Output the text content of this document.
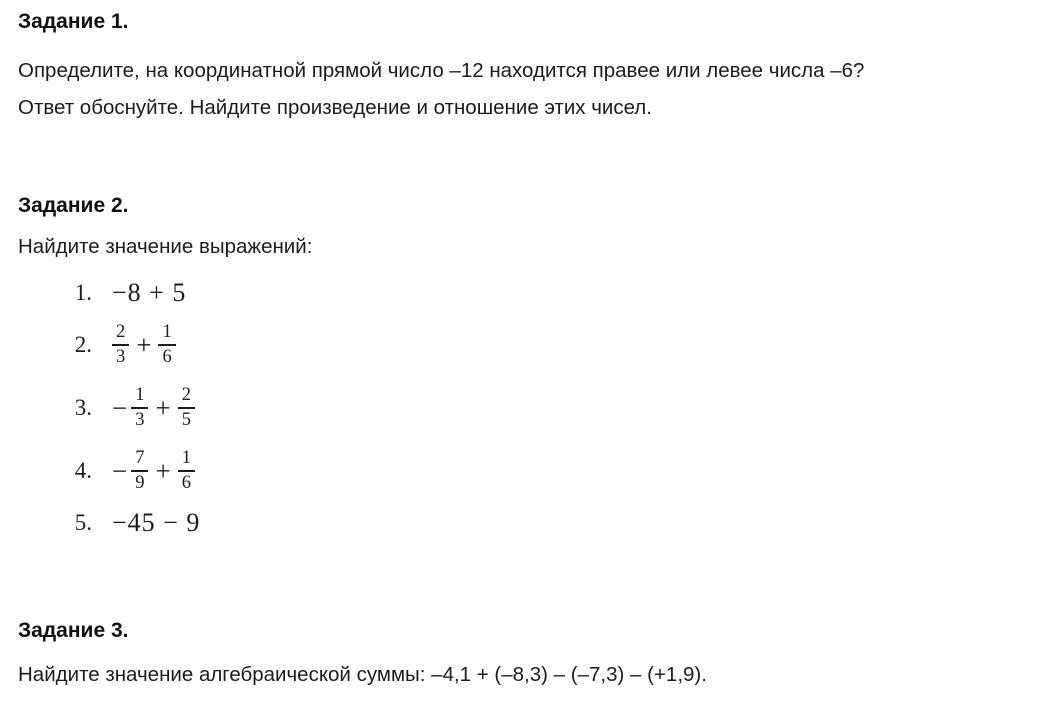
Задание 1.

Определите, на координатной прямой число –12 находится правее или левее числа –6?
Ответ обоснуйте. Найдите произведение и отношение этих чисел.

Задание 2.

Найдите значение выражений:

1. −8 + 5
2. $\frac{2}{3} + \frac{1}{6}$
3. − $\frac{1}{3} + \frac{2}{5}$
4. − $\frac{7}{9} + \frac{1}{6}$
5. −45 − 9
Задание 3.

Найдите значение алгебраической суммы: –4,1 + (–8,3) – (–7,3) – (+1,9).
